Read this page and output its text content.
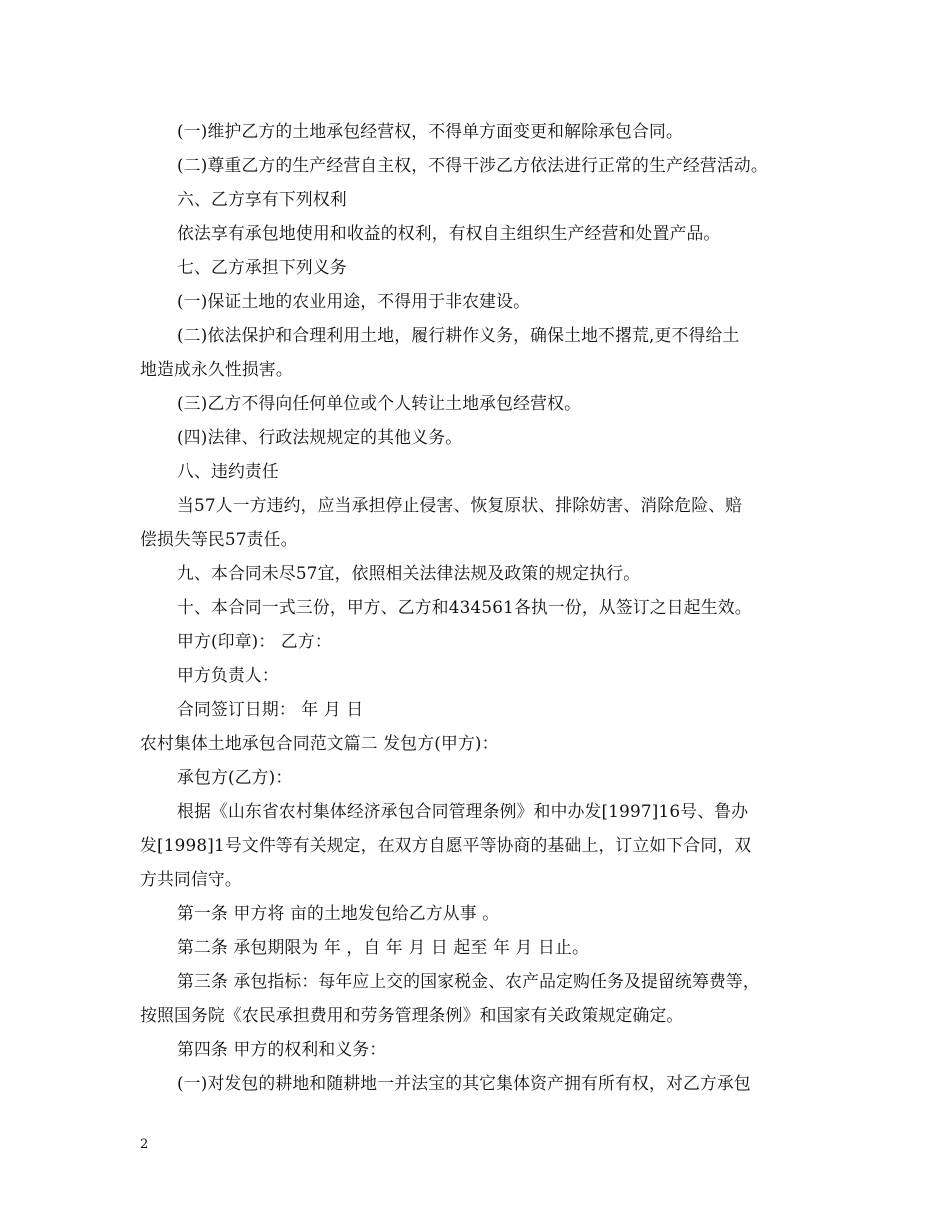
(一)维护乙方的土地承包经营权，不得单方面变更和解除承包合同。
(二)尊重乙方的生产经营自主权，不得干涉乙方依法进行正常的生产经营活动。
六、乙方享有下列权利
依法享有承包地使用和收益的权利，有权自主组织生产经营和处置产品。
七、乙方承担下列义务
(一)保证土地的农业用途，不得用于非农建设。
(二)依法保护和合理利用土地，履行耕作义务，确保土地不撂荒,更不得给土
地造成永久性损害。
(三)乙方不得向任何单位或个人转让土地承包经营权。
(四)法律、行政法规规定的其他义务。
八、违约责任
当57人一方违约，应当承担停止侵害、恢复原状、排除妨害、消除危险、赔
偿损失等民57责任。
九、本合同未尽57宜，依照相关法律法规及政策的规定执行。
十、本合同一式三份，甲方、乙方和434561各执一份，从签订之日起生效。
甲方(印章)： 乙方：
甲方负责人：
合同签订日期： 年 月 日
农村集体土地承包合同范文篇二 发包方(甲方)：
承包方(乙方)：
根据《山东省农村集体经济承包合同管理条例》和中办发[1997]16号、鲁办
发[1998]1号文件等有关规定，在双方自愿平等协商的基础上，订立如下合同，双
方共同信守。
第一条 甲方将 亩的土地发包给乙方从事 。
第二条 承包期限为 年 ，自 年 月 日 起至 年 月 日止。
第三条 承包指标：每年应上交的国家税金、农产品定购任务及提留统筹费等，
按照国务院《农民承担费用和劳务管理条例》和国家有关政策规定确定。
第四条 甲方的权利和义务：
(一)对发包的耕地和随耕地一并法宝的其它集体资产拥有所有权，对乙方承包
2
